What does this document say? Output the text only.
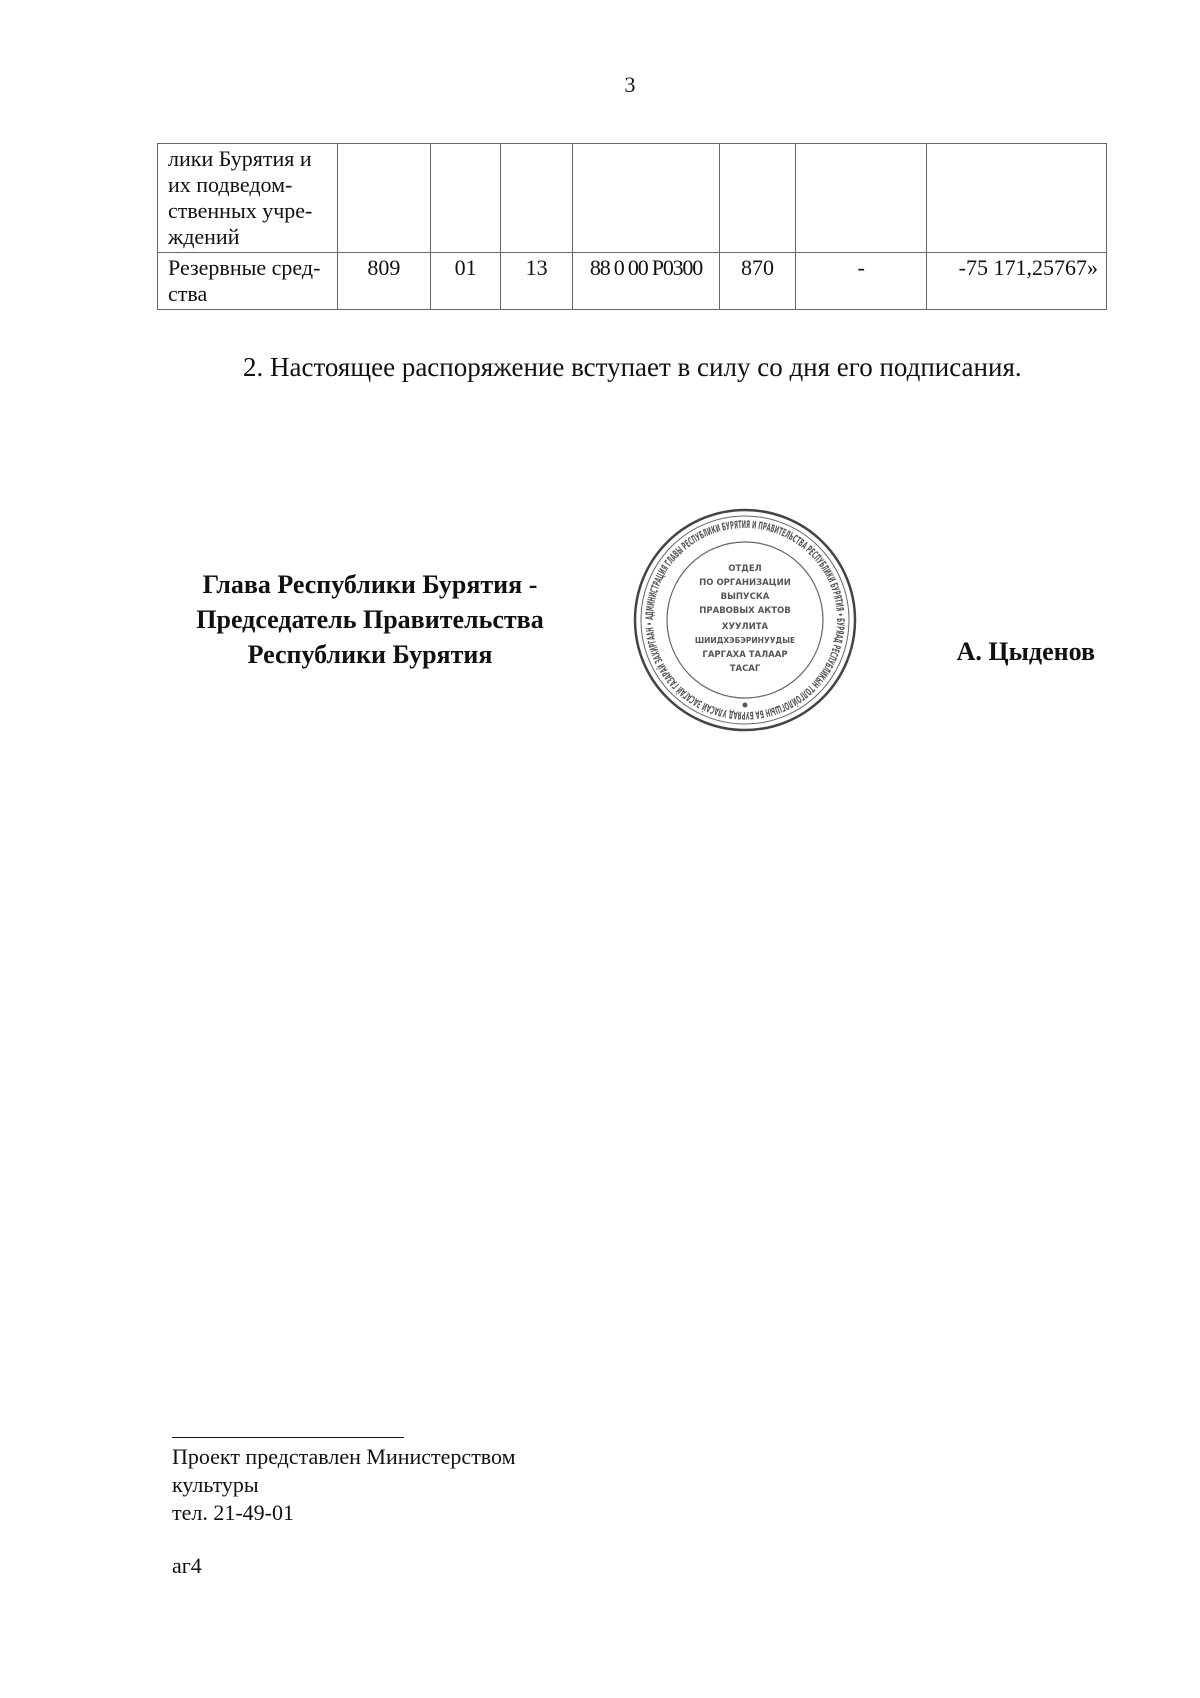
3
лики Бурятия и
их подведом-
ственных учре-
ждений							

Резервные сред-
ства	809	01	13	88 0 00 Р0300	870	-	-75 171,25767»
2. Настоящее распоряжение вступает в силу со дня его подписания.
Глава Республики Бурятия -
Председатель Правительства
Республики Бурятия
АДМИНИСТРАЦИЯ ГЛАВЫ РЕСПУБЛИКИ БУРЯТИЯ И ПРАВИТЕЛЬСТВА РЕСПУБЛИКИ БУРЯТИЯ • БУРЯАД РЕСПУБЛИКЫН ТОЛГОЙЛОГШЫН БА БУРЯАД УЛАСАЙ ЗАСАГАЙ ГАЗАРАЙ ЗАХИРГААН •
ОТДЕЛ
ПО ОРГАНИЗАЦИИ
ВЫПУСКА
ПРАВОВЫХ АКТОВ
ХУУЛИТА
ШИИДХЭБЭРИНУУДЫЕ
ГАРГАХА ТАЛААР
ТАСАГ
А. Цыденов
Проект представлен Министерством
культуры
тел. 21-49-01
аг4
